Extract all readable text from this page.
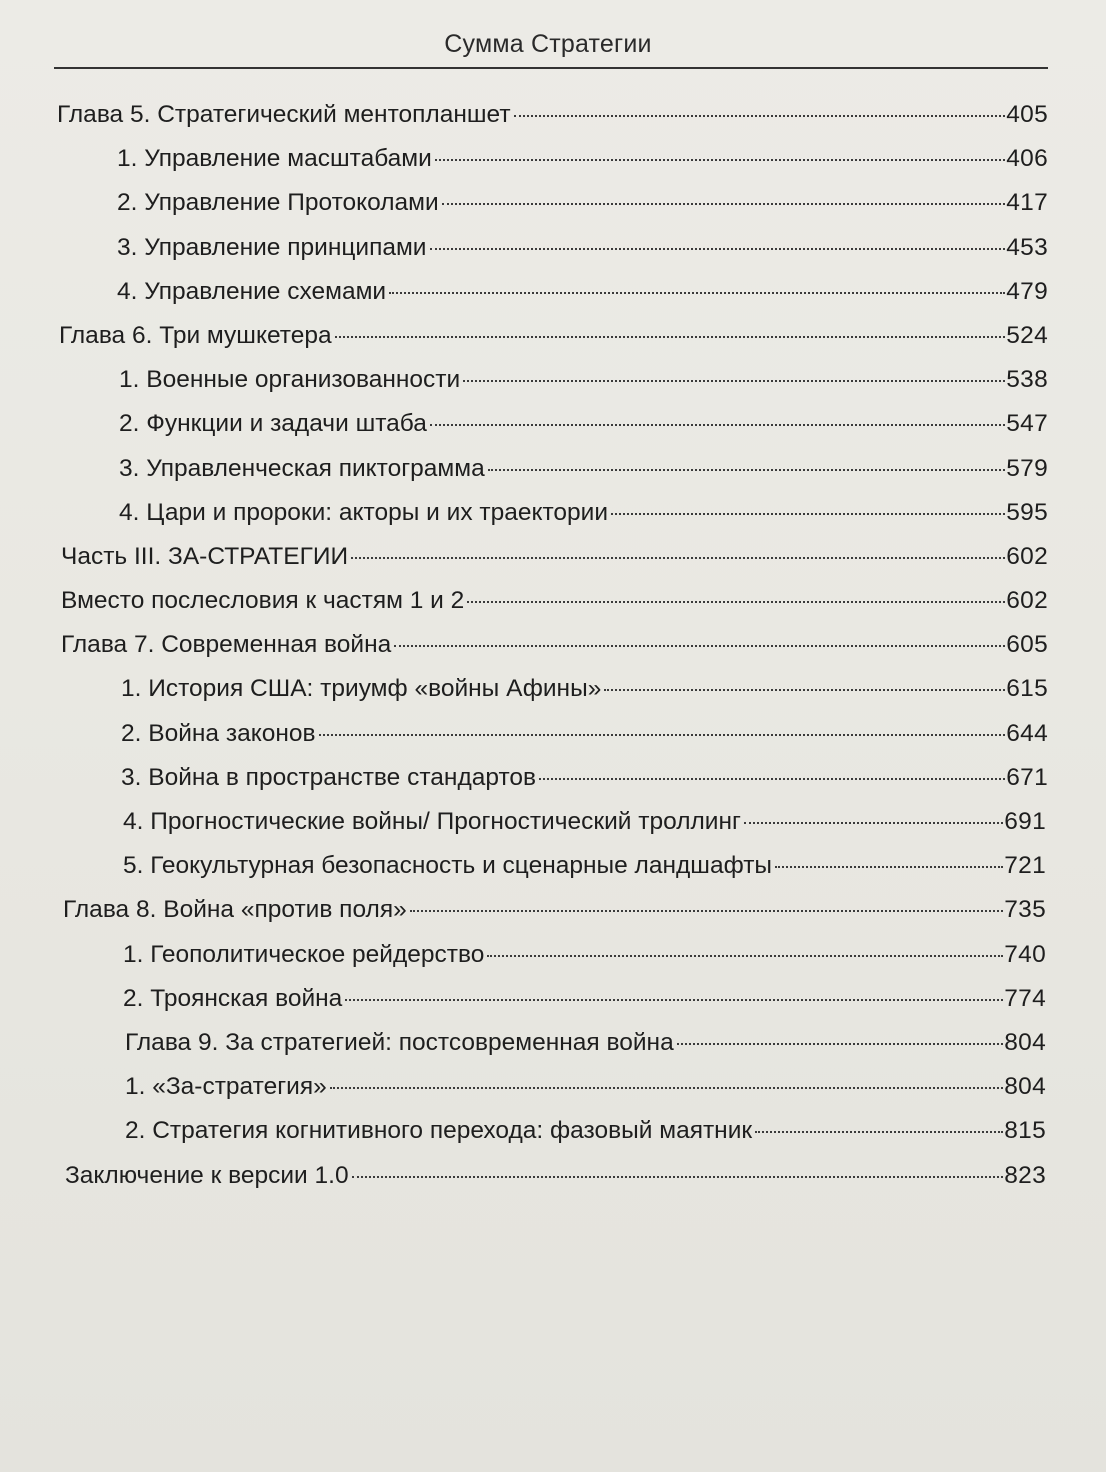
Сумма Стратегии
Глава 5. Стратегический ментопланшет	405
1. Управление масштабами	406
2. Управление Протоколами	417
3. Управление принципами	453
4. Управление схемами	479
Глава 6. Три мушкетера	524
1. Военные организованности	538
2. Функции и задачи штаба	547
3. Управленческая пиктограмма	579
4. Цари и пророки: акторы и их траектории	595
Часть III. ЗА-СТРАТЕГИИ	602
Вместо послесловия к частям 1 и 2	602
Глава 7. Современная война	605
1. История США: триумф «войны Афины»	615
2. Война законов	644
3. Война в пространстве стандартов	671
4. Прогностические войны/ Прогностический троллинг	691
5. Геокультурная безопасность и сценарные ландшафты	721
Глава 8. Война «против поля»	735
1. Геополитическое рейдерство	740
2. Троянская война	774
Глава 9. За стратегией: постсовременная война	804
1. «За-стратегия»	804
2. Стратегия когнитивного перехода: фазовый маятник	815
Заключение к версии 1.0	823
